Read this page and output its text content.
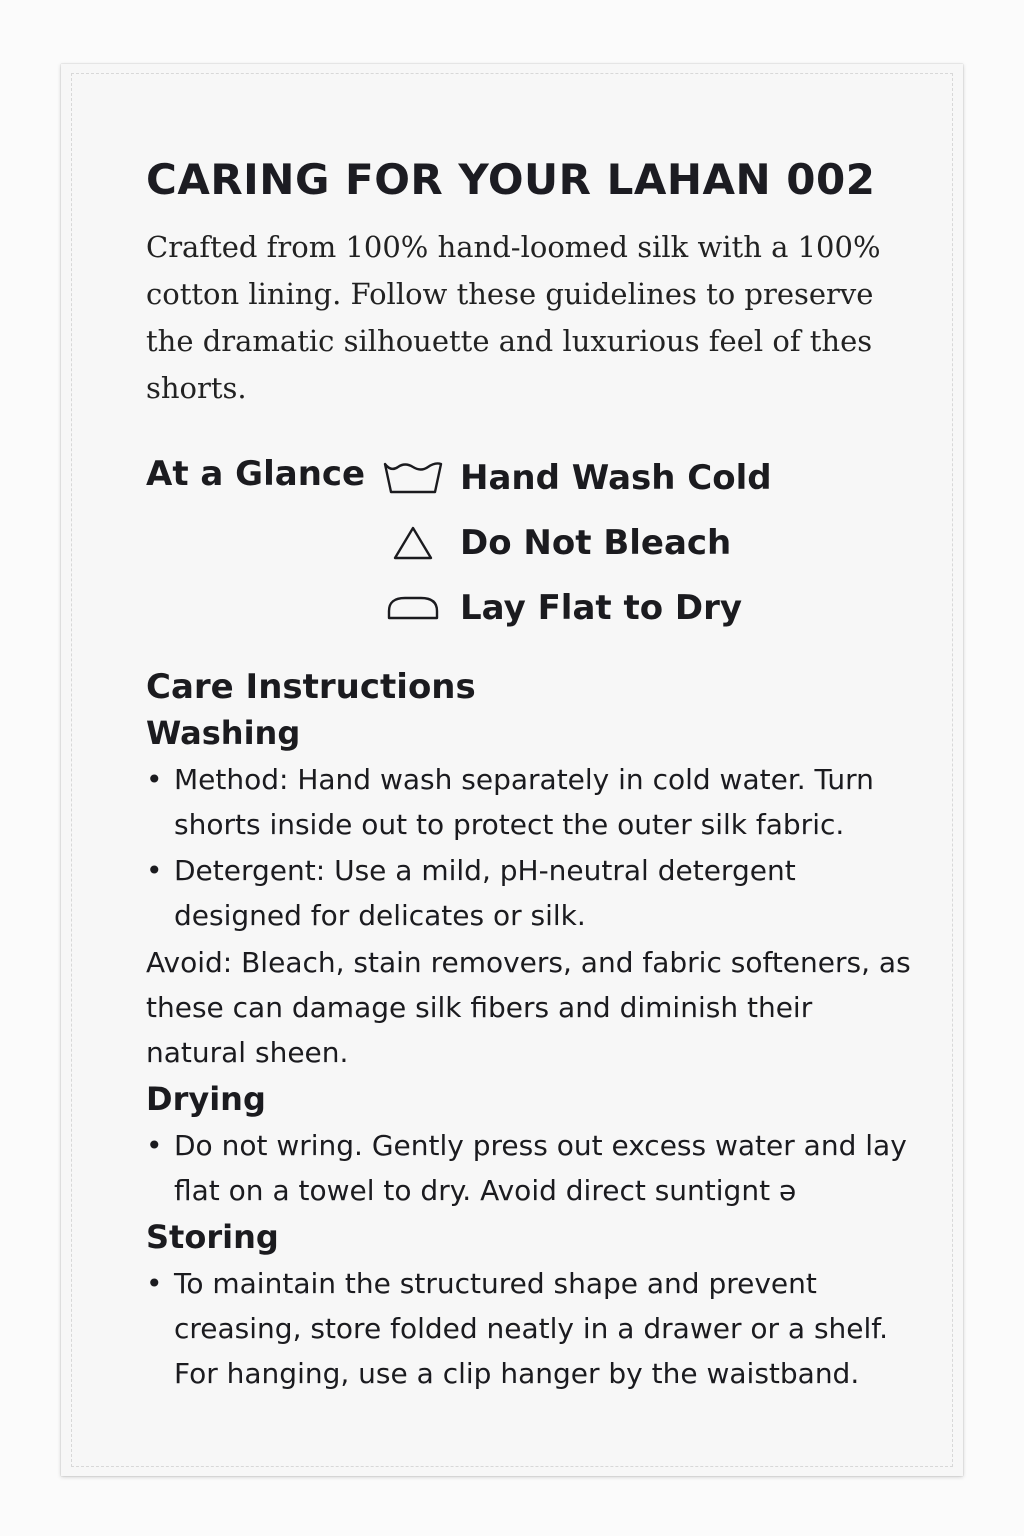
CARING FOR YOUR LAHAN 002

Crafted from 100% hand-loomed silk with a 100% cotton lining. Follow these guidelines to preserve the dramatic silhouette and luxurious feel of thes shorts.

At a Glance	Hand Wash Cold
Do Not Bleach
Lay Flat to Dry

Care Instructions

Washing

• Method: Hand wash separately in cold water. Turn shorts inside out to protect the outer silk fabric.
• Detergent: Use a mild, pH-neutral detergent designed for delicates or silk.

Avoid: Bleach, stain removers, and fabric softeners, as these can damage silk fibers and diminish their natural sheen.

Drying

• Do not wring. Gently press out excess water and lay flat on a towel to dry. Avoid direct suntignt ə

Storing

• To maintain the structured shape and prevent creasing, store folded neatly in a drawer or a shelf. For hanging, use a clip hanger by the waistband.
